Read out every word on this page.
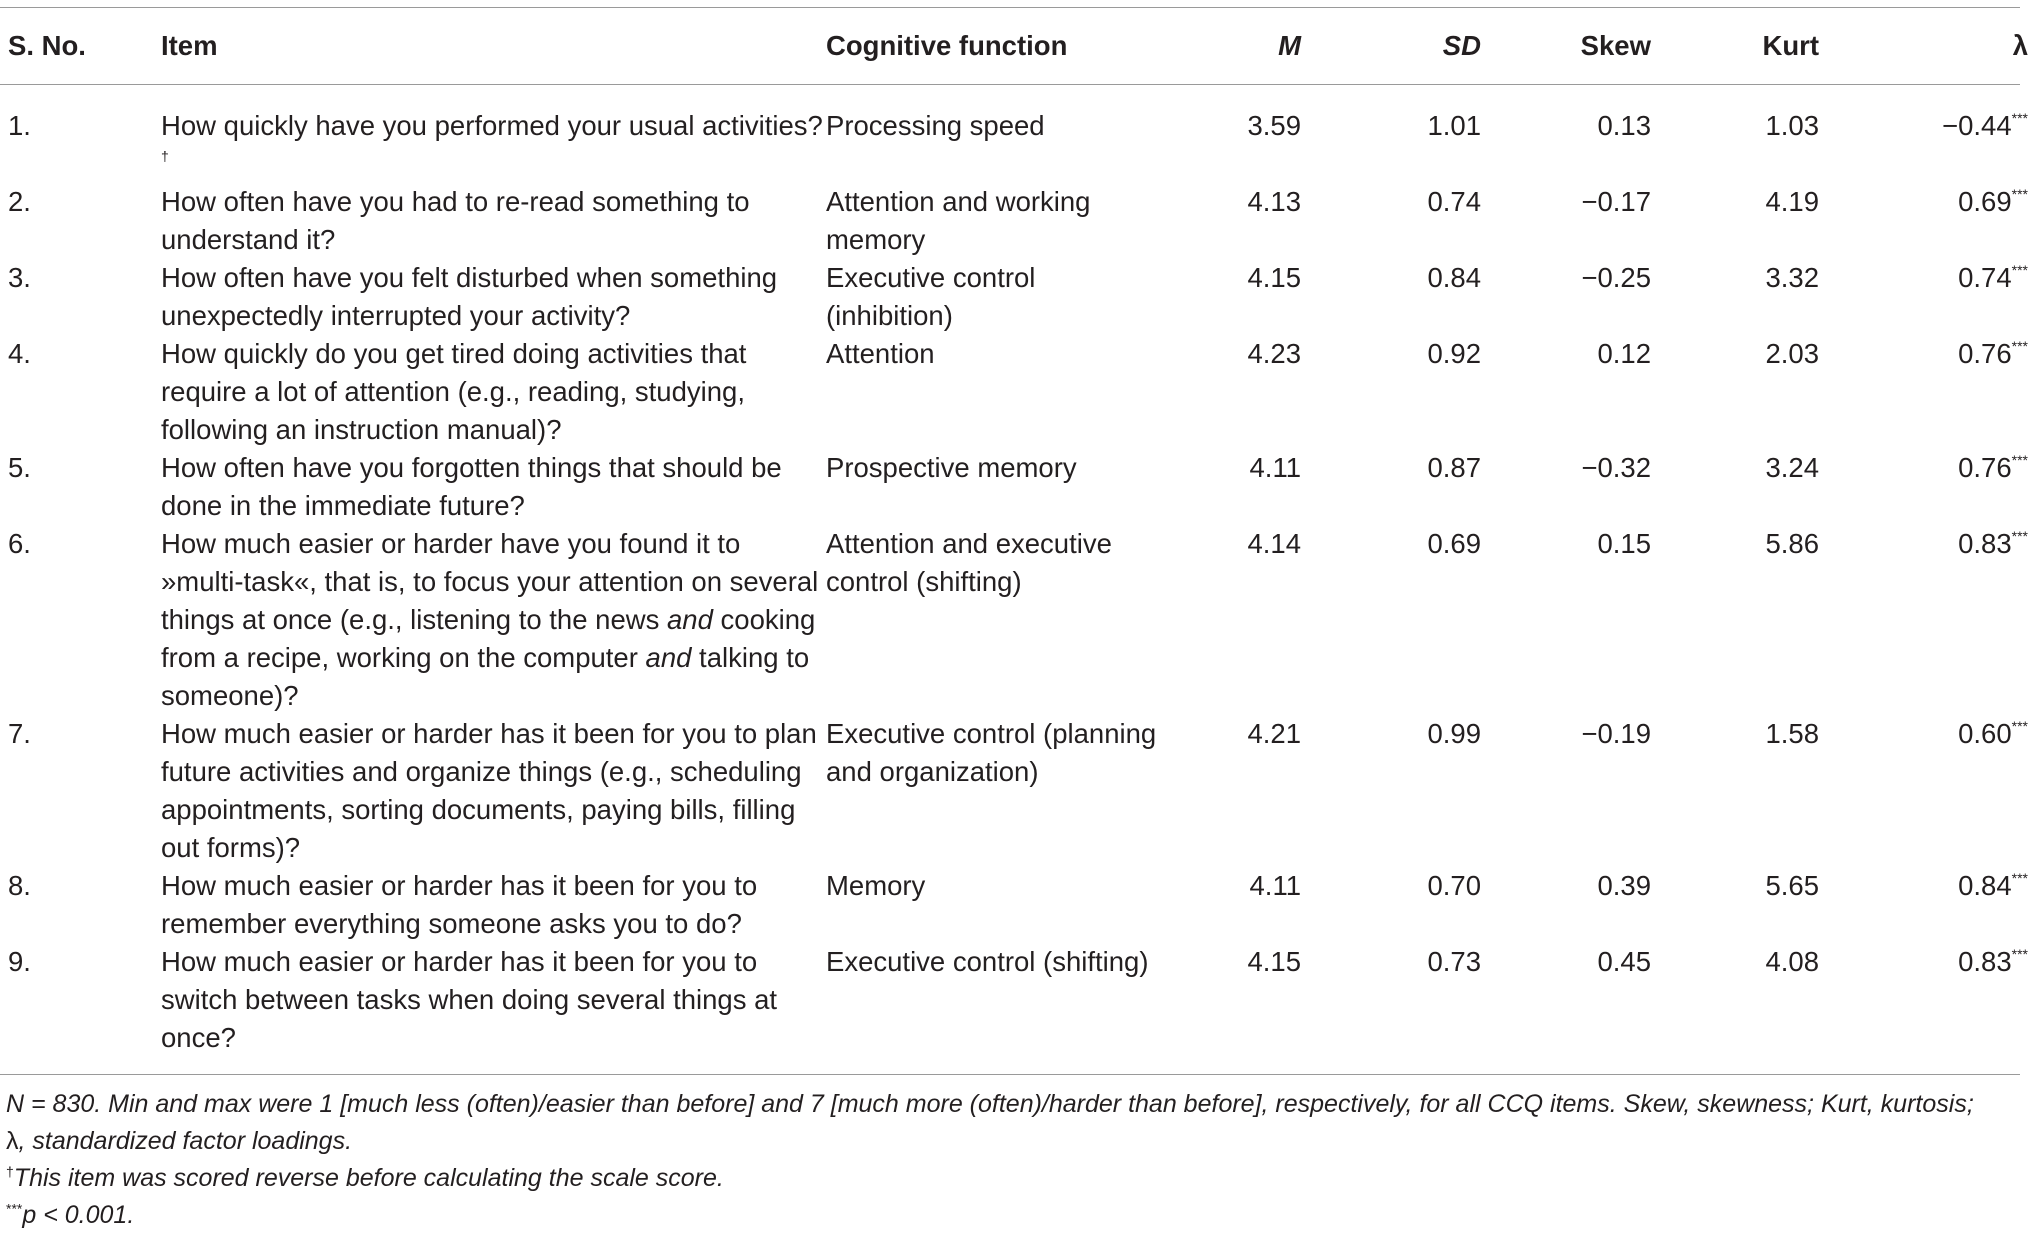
S. No.	Item	Cognitive function	M	SD	Skew	Kurt	λ
1.	How quickly have you performed your usual activities?†	Processing speed	3.59	1.01	0.13	1.03	−0.44***
2.	How often have you had to re-read something to understand it?	Attention and working memory	4.13	0.74	−0.17	4.19	0.69***
3.	How often have you felt disturbed when something unexpectedly interrupted your activity?	Executive control (inhibition)	4.15	0.84	−0.25	3.32	0.74***
4.	How quickly do you get tired doing activities that require a lot of attention (e.g., reading, studying, following an instruction manual)?	Attention	4.23	0.92	0.12	2.03	0.76***
5.	How often have you forgotten things that should be done in the immediate future?	Prospective memory	4.11	0.87	−0.32	3.24	0.76***
6.	How much easier or harder have you found it to »multi-task«, that is, to focus your attention on several things at once (e.g., listening to the news and cooking from a recipe, working on the computer and talking to someone)?	Attention and executive control (shifting)	4.14	0.69	0.15	5.86	0.83***
7.	How much easier or harder has it been for you to plan future activities and organize things (e.g., scheduling appointments, sorting documents, paying bills, filling out forms)?	Executive control (planning and organization)	4.21	0.99	−0.19	1.58	0.60***
8.	How much easier or harder has it been for you to remember everything someone asks you to do?	Memory	4.11	0.70	0.39	5.65	0.84***
9.	How much easier or harder has it been for you to switch between tasks when doing several things at once?	Executive control (shifting)	4.15	0.73	0.45	4.08	0.83***
N = 830. Min and max were 1 [much less (often)/easier than before] and 7 [much more (often)/harder than before], respectively, for all CCQ items. Skew, skewness; Kurt, kurtosis;
λ, standardized factor loadings.
†This item was scored reverse before calculating the scale score.
***p < 0.001.
